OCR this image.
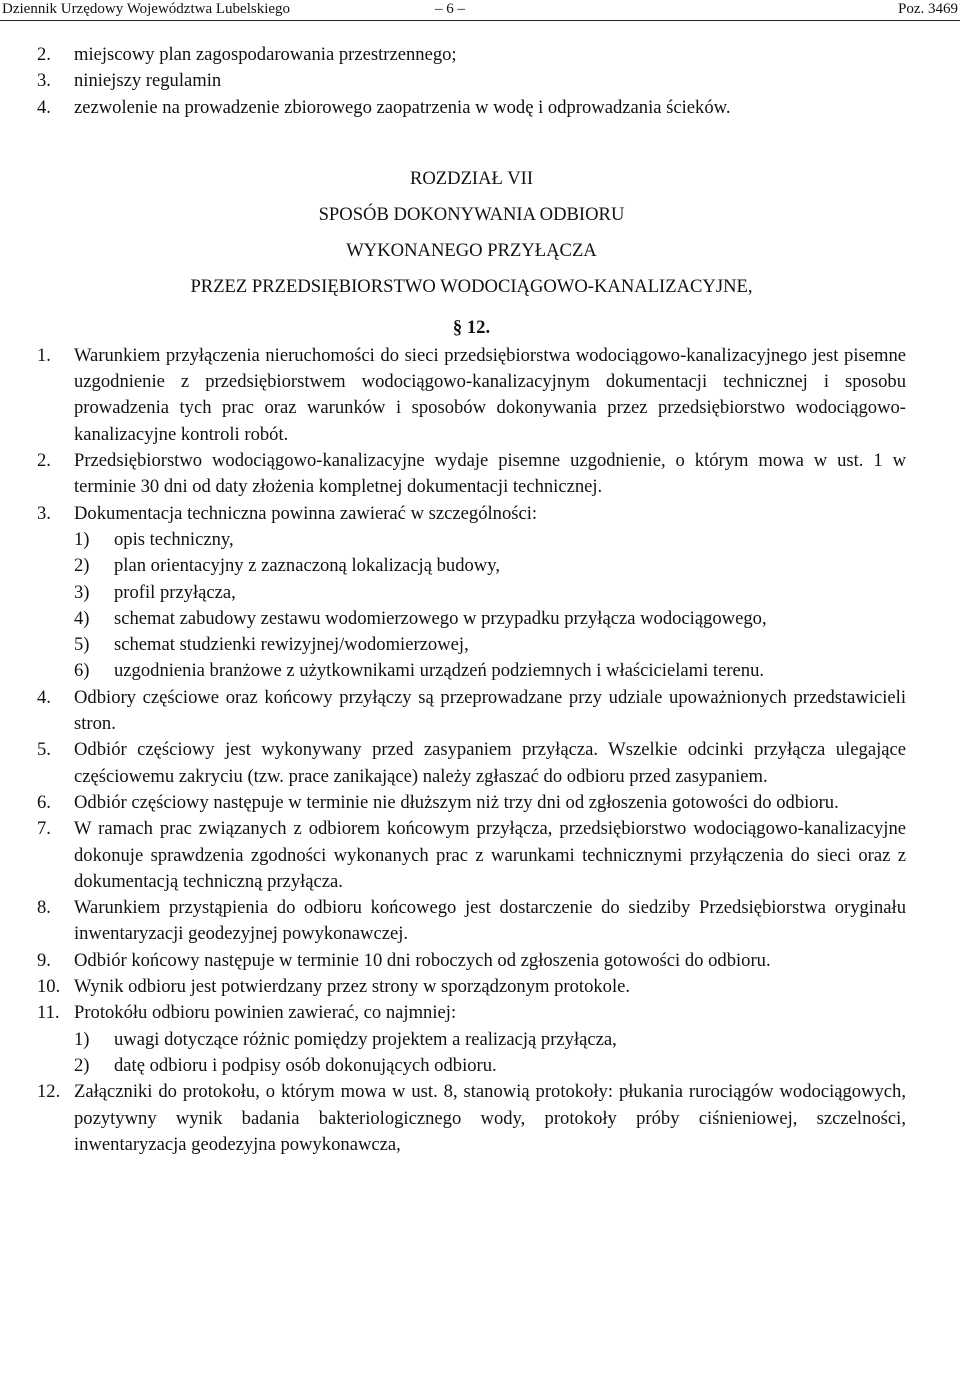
Dziennik Urzędowy Województwa Lubelskiego	– 6 –	Poz. 3469
2.	miejscowy plan zagospodarowania przestrzennego;
3.	niniejszy regulamin
4.	zezwolenie na prowadzenie zbiorowego zaopatrzenia w wodę i odprowadzania ścieków.
ROZDZIAŁ VII
SPOSÓB DOKONYWANIA ODBIORU
WYKONANEGO PRZYŁĄCZA
PRZEZ PRZEDSIĘBIORSTWO WODOCIĄGOWO-KANALIZACYJNE,
§ 12.
1.	Warunkiem przyłączenia nieruchomości do sieci przedsiębiorstwa wodociągowo-kanalizacyjnego jest pisemne uzgodnienie z przedsiębiorstwem wodociągowo-kanalizacyjnym dokumentacji technicznej i sposobu prowadzenia tych prac oraz warunków i sposobów dokonywania przez przedsiębiorstwo wodociągowo-kanalizacyjne kontroli robót.
2.	Przedsiębiorstwo wodociągowo-kanalizacyjne wydaje pisemne uzgodnienie, o którym mowa w ust. 1 w terminie 30 dni od daty złożenia kompletnej dokumentacji technicznej.
3.	Dokumentacja techniczna powinna zawierać w szczególności:
1)	opis techniczny,
2)	plan orientacyjny z zaznaczoną lokalizacją budowy,
3)	profil przyłącza,
4)	schemat zabudowy zestawu wodomierzowego w przypadku przyłącza wodociągowego,
5)	schemat studzienki rewizyjnej/wodomierzowej,
6)	uzgodnienia branżowe z użytkownikami urządzeń podziemnych i właścicielami terenu.
4.	Odbiory częściowe oraz końcowy przyłączy są przeprowadzane przy udziale upoważnionych przedstawicieli stron.
5.	Odbiór częściowy jest wykonywany przed zasypaniem przyłącza. Wszelkie odcinki przyłącza ulegające częściowemu zakryciu (tzw. prace zanikające) należy zgłaszać do odbioru przed zasypaniem.
6.	Odbiór częściowy następuje w terminie nie dłuższym niż trzy dni od zgłoszenia gotowości do odbioru.
7.	W ramach prac związanych z odbiorem końcowym przyłącza, przedsiębiorstwo wodociągowo-kanalizacyjne dokonuje sprawdzenia zgodności wykonanych prac z warunkami technicznymi przyłączenia do sieci oraz z dokumentacją techniczną przyłącza.
8.	Warunkiem przystąpienia do odbioru końcowego jest dostarczenie do siedziby Przedsiębiorstwa oryginału inwentaryzacji geodezyjnej powykonawczej.
9.	Odbiór końcowy następuje w terminie 10 dni roboczych od zgłoszenia gotowości do odbioru.
10. Wynik odbioru jest potwierdzany przez strony w sporządzonym protokole.
11. Protokółu odbioru powinien zawierać, co najmniej:
1)	uwagi dotyczące różnic pomiędzy projektem a realizacją przyłącza,
2)	datę odbioru i podpisy osób dokonujących odbioru.
12. Załączniki do protokołu, o którym mowa w ust. 8, stanowią protokoły: płukania rurociągów wodociągowych, pozytywny wynik badania bakteriologicznego wody, protokoły próby ciśnieniowej, szczelności, inwentaryzacja geodezyjna powykonawcza,
